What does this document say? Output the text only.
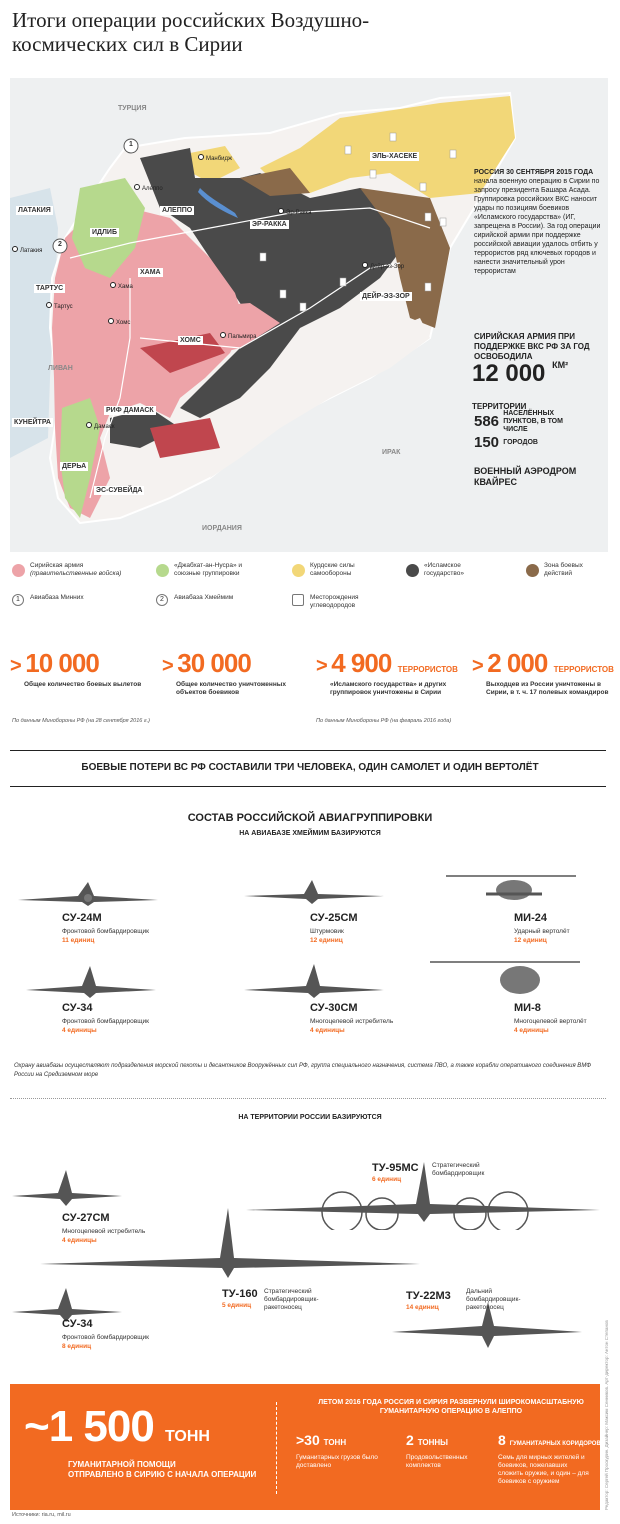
Итоги операции российских Воздушно-космических сил в Сирии
ТУРЦИЯ
ЛИВАН
ИРАК
ИОРДАНИЯ
ЛАТАКИЯ
ИДЛИБ
АЛЕППО
ТАРТУС
ХАМА
ХОМС
ЭР-РАККА
ЭЛЬ-ХАСЕКЕ
ДЕЙР-ЭЗ-ЗОР
РИФ ДАМАСК
КУНЕЙТРА
ДЕРЬА
ЭС-СУВЕЙДА
Манбидж
Алеппо
Латакия
Тартус
Хама
Хомс
Пальмира
Эр-Ракка
Дейр-эз-Зор
Дамаск
1
2
РОССИЯ 30 СЕНТЯБРЯ 2015 ГОДА
начала военную операцию в Сирии по запросу президента Башара Асада. Группировка российских ВКС наносит удары по позициям боевиков «Исламского государства» (ИГ, запрещена в России). За год операции сирийской армии при поддержке российской авиации удалось отбить у террористов ряд ключевых городов и нанести значительный урон террористам
СИРИЙСКАЯ АРМИЯ ПРИ ПОДДЕРЖКЕ ВКС РФ ЗА ГОД ОСВОБОДИЛА
12 000 $^{КМ^2}$ ТЕРРИТОРИИ
586 НАСЕЛЁННЫХ ПУНКТОВ, В ТОМ ЧИСЛЕ
150 ГОРОДОВ
ВОЕННЫЙ АЭРОДРОМ КВАЙРЕС
Сирийская армия
(правительственные войска)
«Джабхат-ан-Нусра» и союзные группировки
Курдские силы самообороны
«Исламское государство»
Зона боевых действий
1	Авиабаза Минних	2	Авиабаза Хмеймим	Месторождения углеводородов
> 10 000
Общее количество боевых вылетов
> 30 000
Общее количество уничтоженных объектов боевиков
> 4 900 ТЕРРОРИСТОВ
«Исламского государства» и других группировок уничтожены в Сирии
> 2 000 ТЕРРОРИСТОВ
Выходцев из России уничтожены в Сирии, в т. ч. 17 полевых командиров
По данным Минобороны РФ (на 28 сентября 2016 г.)	По данным Минобороны РФ (на февраль 2016 года)
БОЕВЫЕ ПОТЕРИ ВС РФ СОСТАВИЛИ ТРИ ЧЕЛОВЕКА, ОДИН САМОЛЕТ И ОДИН ВЕРТОЛЁТ
СОСТАВ РОССИЙСКОЙ АВИАГРУППИРОВКИ
НА АВИАБАЗЕ ХМЕЙМИМ БАЗИРУЮТСЯ
СУ-24М
Фронтовой бомбардировщик
11 единиц
СУ-25СМ
Штурмовик
12 единиц
МИ-24
Ударный вертолёт
12 единиц
СУ-34
Фронтовой бомбардировщик
4 единицы
СУ-30СМ
Многоцелевой истребитель
4 единицы
МИ-8
Многоцелевой вертолёт
4 единицы
Охрану авиабазы осуществляют подразделения морской пехоты и десантников Вооружённых сил РФ, группа специального назначения, система ПВО, а также корабли оперативного соединения ВМФ России на Средиземном море
НА ТЕРРИТОРИИ РОССИИ БАЗИРУЮТСЯ
ТУ-95МС Стратегический бомбардировщик
6 единиц
СУ-27СМ
Многоцелевой истребитель
4 единицы
ТУ-160 Стратегический бомбардировщик-ракетоносец
5 единиц
ТУ-22М3 Дальний бомбардировщик-ракетоносец
14 единиц
СУ-34
Фронтовой бомбардировщик
8 единиц
~1 500 ТОНН
ГУМАНИТАРНОЙ ПОМОЩИ
ОТПРАВЛЕНО В СИРИЮ С НАЧАЛА ОПЕРАЦИИ
ЛЕТОМ 2016 ГОДА РОССИЯ И СИРИЯ РАЗВЕРНУЛИ ШИРОКОМАСШТАБНУЮ ГУМАНИТАРНУЮ ОПЕРАЦИЮ В АЛЕППО
>30 ТОНН
Гуманитарных грузов было доставлено
2 ТОННЫ
Продовольственных комплектов
8 ГУМАНИТАРНЫХ КОРИДОРОВ
Семь для мирных жителей и боевиков, пожелавших сложить оружие, и один – для боевиков с оружием
Источники: ria.ru, mil.ru
Редактор: Сергей Проскурин. Дизайнер: Максим Сенников. Арт-директор: Антон Степанов
